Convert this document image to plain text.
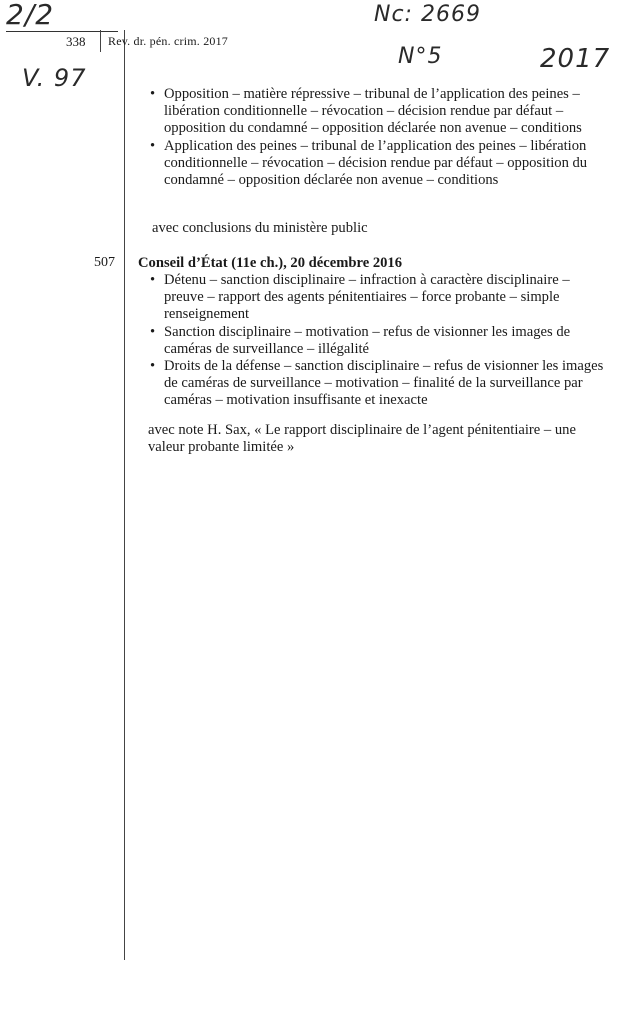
2/2	Nc: 2669
N°5	2017
V. 97
338 Rev. dr. pén. crim. 2017
• Opposition – matière répressive – tribunal de l’application des peines – libération conditionnelle – révocation – décision rendue par défaut – opposition du condamné – opposition déclarée non avenue – conditions
• Application des peines – tribunal de l’application des peines – libération conditionnelle – révocation – décision rendue par défaut – opposition du condamné – opposition déclarée non avenue – conditions
avec conclusions du ministère public
507 Conseil d’État (11e ch.), 20 décembre 2016
• Détenu – sanction disciplinaire – infraction à caractère disciplinaire – preuve – rapport des agents pénitentiaires – force probante – simple renseignement
• Sanction disciplinaire – motivation – refus de visionner les images de caméras de surveillance – illégalité
• Droits de la défense – sanction disciplinaire – refus de visionner les images de caméras de surveillance – motivation – finalité de la surveillance par caméras – motivation insuffisante et inexacte
avec note H. Sax, « Le rapport disciplinaire de l’agent pénitentiaire – une valeur probante limitée »
